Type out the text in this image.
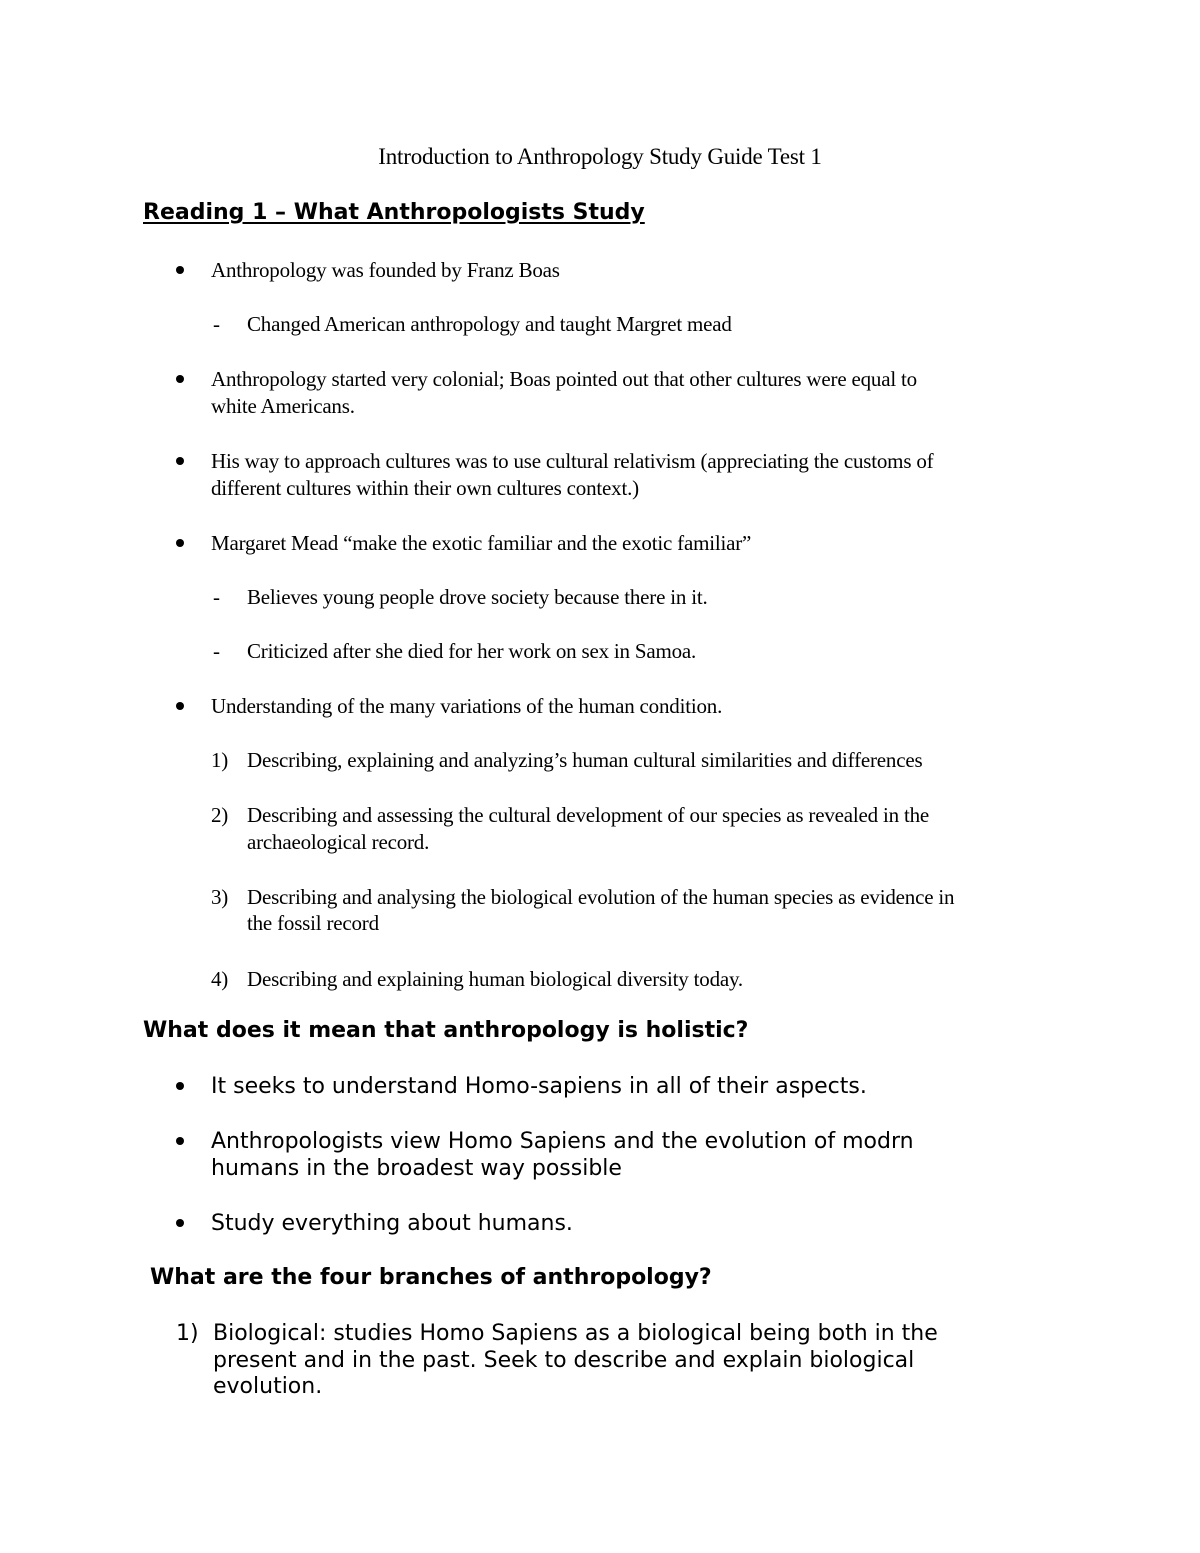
Introduction to Anthropology Study Guide Test 1
Reading 1 – What Anthropologists Study
Anthropology was founded by Franz Boas
- Changed American anthropology and taught Margret mead
Anthropology started very colonial; Boas pointed out that other cultures were equal to
white Americans.
His way to approach cultures was to use cultural relativism (appreciating the customs of
different cultures within their own cultures context.)
Margaret Mead “make the exotic familiar and the exotic familiar”
- Believes young people drove society because there in it.
- Criticized after she died for her work on sex in Samoa.
Understanding of the many variations of the human condition.
1) Describing, explaining and analyzing’s human cultural similarities and differences
2) Describing and assessing the cultural development of our species as revealed in the
archaeological record.
3) Describing and analysing the biological evolution of the human species as evidence in
the fossil record
4) Describing and explaining human biological diversity today.
What does it mean that anthropology is holistic?
It seeks to understand Homo-sapiens in all of their aspects.
Anthropologists view Homo Sapiens and the evolution of modrn
humans in the broadest way possible
Study everything about humans.
What are the four branches of anthropology?
1) Biological: studies Homo Sapiens as a biological being both in the
present and in the past. Seek to describe and explain biological
evolution.
